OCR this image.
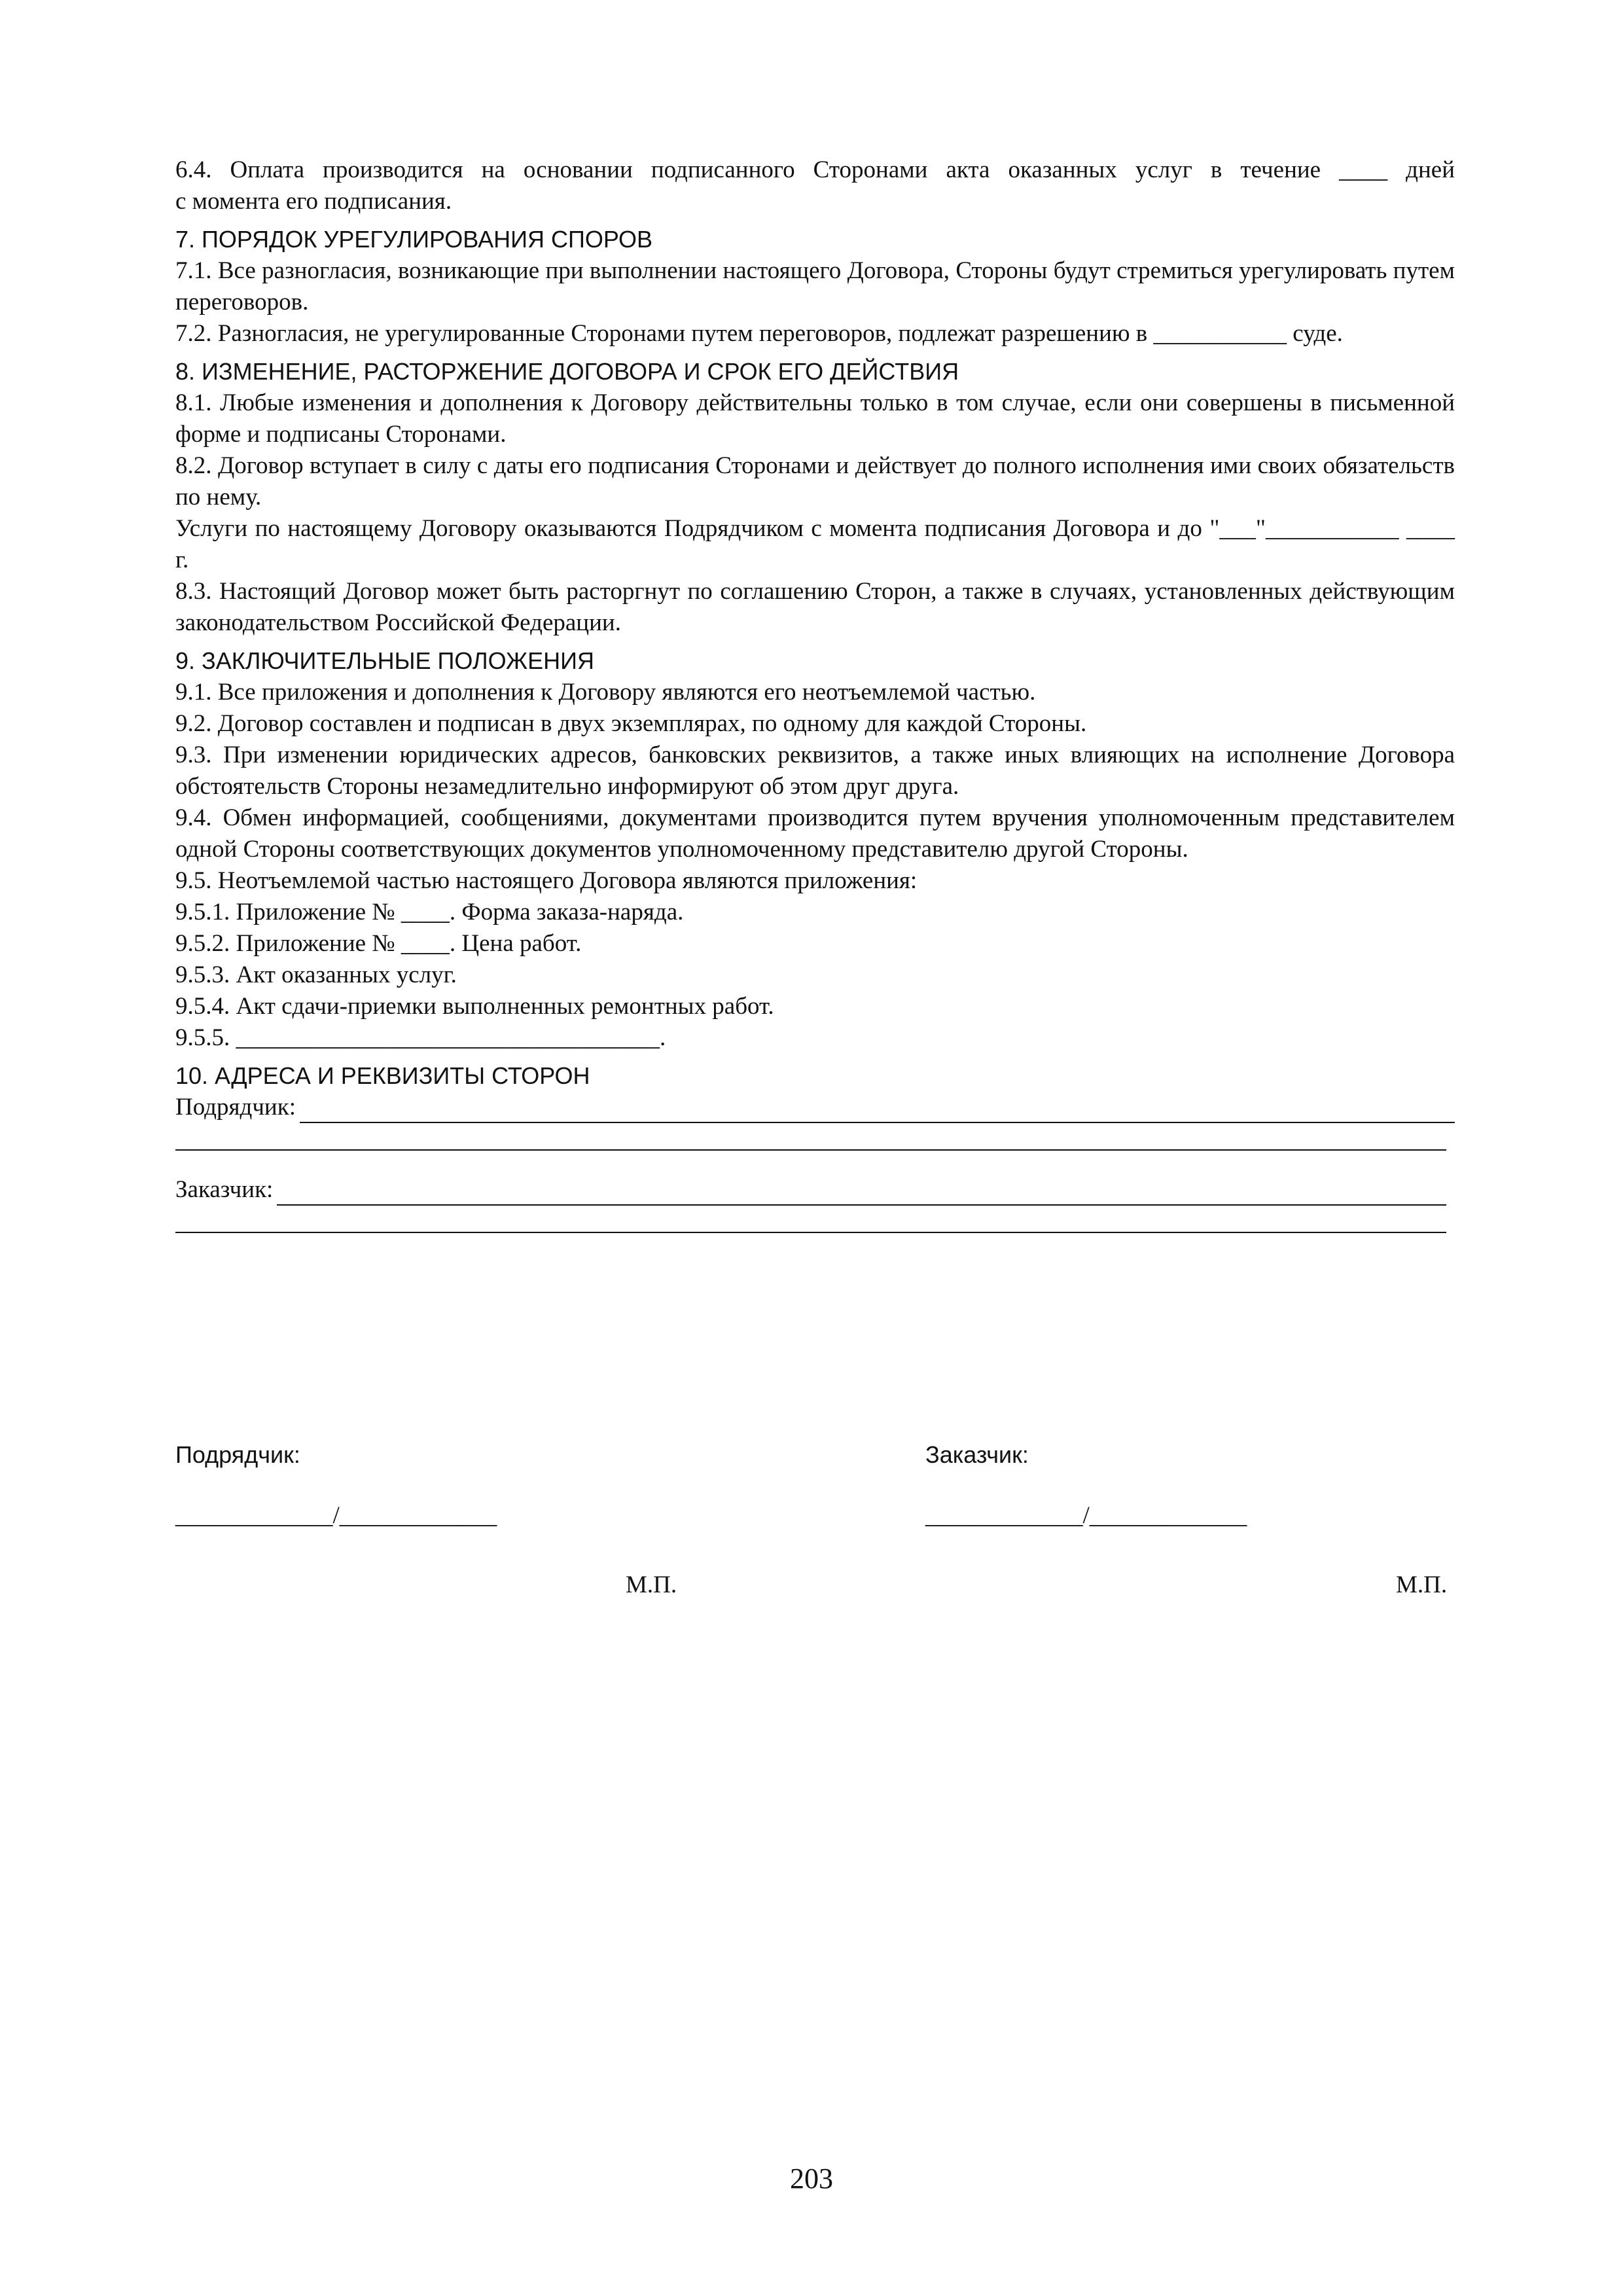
6.4. Оплата производится на основании подписанного Сторонами акта оказанных услуг в течение ____ дней

с момента его подписания.

7. ПОРЯДОК УРЕГУЛИРОВАНИЯ СПОРОВ

7.1. Все разногласия, возникающие при выполнении настоящего Договора, Стороны будут стремиться урегулировать путем переговоров.

7.2. Разногласия, не урегулированные Сторонами путем переговоров, подлежат разрешению в ___________ суде.

8. ИЗМЕНЕНИЕ, РАСТОРЖЕНИЕ ДОГОВОРА И СРОК ЕГО ДЕЙСТВИЯ

8.1. Любые изменения и дополнения к Договору действительны только в том случае, если они совершены в письменной форме и подписаны Сторонами.

8.2. Договор вступает в силу с даты его подписания Сторонами и действует до полного исполнения ими своих обязательств по нему.

Услуги по настоящему Договору оказываются Подрядчиком с момента подписания Договора и до "___"___________ ____ г.

8.3. Настоящий Договор может быть расторгнут по соглашению Сторон, а также в случаях, установленных действующим законодательством Российской Федерации.

9. ЗАКЛЮЧИТЕЛЬНЫЕ ПОЛОЖЕНИЯ

9.1. Все приложения и дополнения к Договору являются его неотъемлемой частью.

9.2. Договор составлен и подписан в двух экземплярах, по одному для каждой Стороны.

9.3. При изменении юридических адресов, банковских реквизитов, а также иных влияющих на исполнение Договора обстоятельств Стороны незамедлительно информируют об этом друг друга.

9.4. Обмен информацией, сообщениями, документами производится путем вручения уполномоченным представителем одной Стороны соответствующих документов уполномоченному представителю другой Стороны.

9.5. Неотъемлемой частью настоящего Договора являются приложения:

9.5.1. Приложение № ____. Форма заказа-наряда.

9.5.2. Приложение № ____. Цена работ.

9.5.3. Акт оказанных услуг.

9.5.4. Акт сдачи-приемки выполненных ремонтных работ.

9.5.5. ___________________________________.

10. АДРЕСА И РЕКВИЗИТЫ СТОРОН

Подрядчик:
Заказчик:
Подрядчик:
_____________/_____________
Заказчик:
_____________/_____________
М.П.	М.П.
203
